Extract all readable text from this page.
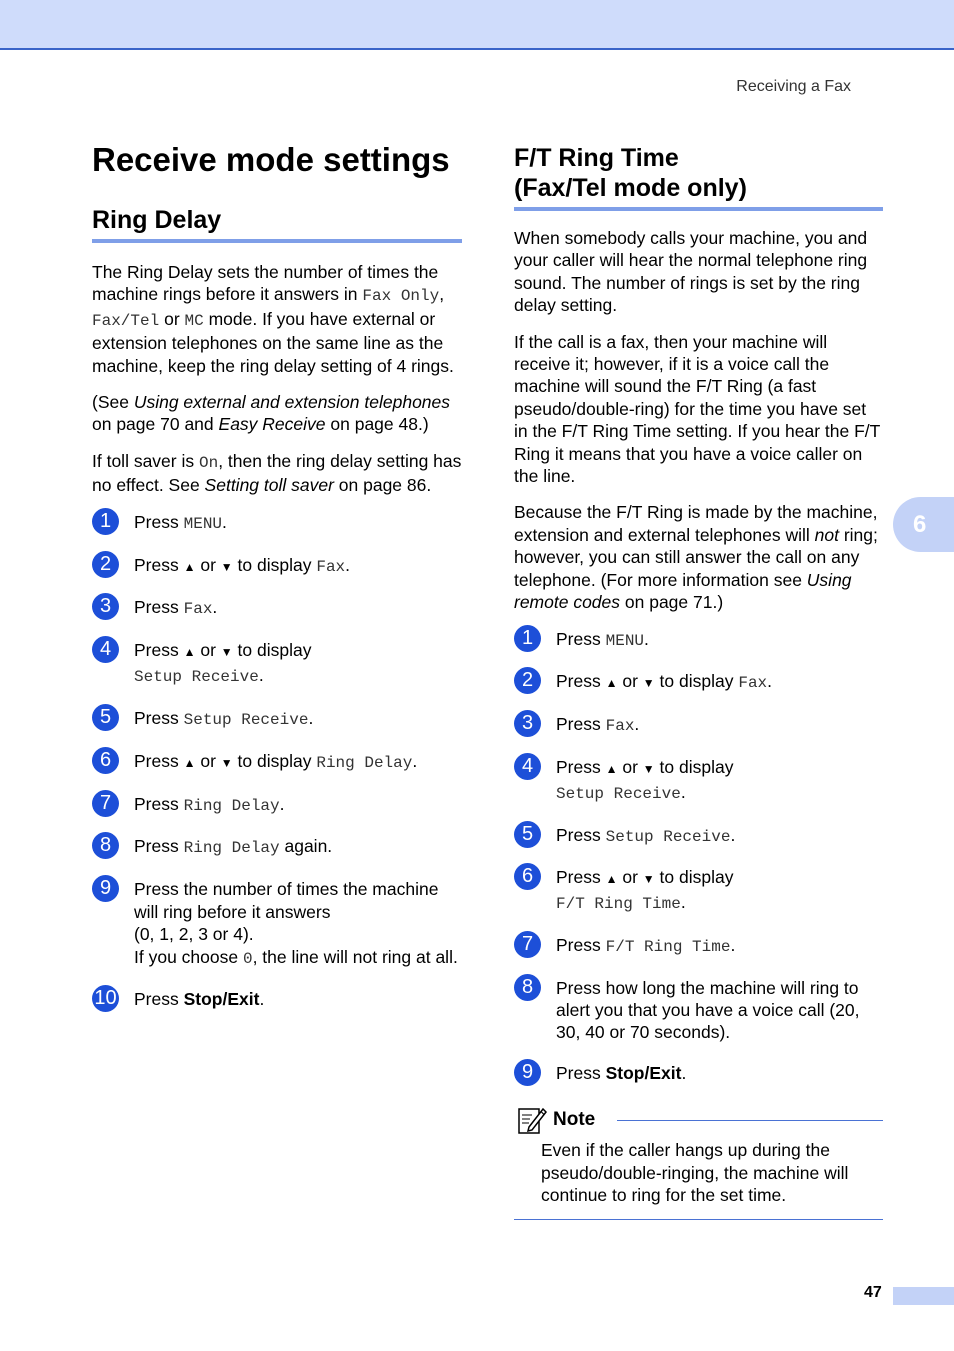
Receiving a Fax
6
Receive mode settings
Ring Delay

The Ring Delay sets the number of times the machine rings before it answers in Fax Only, Fax/Tel or MC mode. If you have external or extension telephones on the same line as the machine, keep the ring delay setting of 4 rings.

(See Using external and extension telephones on page 70 and Easy Receive on page 48.)

If toll saver is On, then the ring delay setting has no effect. See Setting toll saver on page 86.

1	Press MENU.
2	Press ▲ or ▼ to display Fax.
3	Press Fax.
4	Press ▲ or ▼ to display
Setup Receive.
5	Press Setup Receive.
6	Press ▲ or ▼ to display Ring Delay.
7	Press Ring Delay.
8	Press Ring Delay again.
9	Press the number of times the machine will ring before it answers
(0, 1, 2, 3 or 4).
If you choose 0, the line will not ring at all.
10 Press Stop/Exit.
F/T Ring Time
(Fax/Tel mode only)

When somebody calls your machine, you and your caller will hear the normal telephone ring sound. The number of rings is set by the ring delay setting.

If the call is a fax, then your machine will receive it; however, if it is a voice call the machine will sound the F/T Ring (a fast pseudo/double-ring) for the time you have set in the F/T Ring Time setting. If you hear the F/T Ring it means that you have a voice caller on the line.

Because the F/T Ring is made by the machine, extension and external telephones will not ring; however, you can still answer the call on any telephone. (For more information see Using remote codes on page 71.)

1	Press MENU.
2	Press ▲ or ▼ to display Fax.
3	Press Fax.
4	Press ▲ or ▼ to display
Setup Receive.
5	Press Setup Receive.
6	Press ▲ or ▼ to display
F/T Ring Time.
7	Press F/T Ring Time.
8	Press how long the machine will ring to alert you that you have a voice call (20, 30, 40 or 70 seconds).
9	Press Stop/Exit.
Note
Even if the caller hangs up during the pseudo/double-ringing, the machine will continue to ring for the set time.
47
